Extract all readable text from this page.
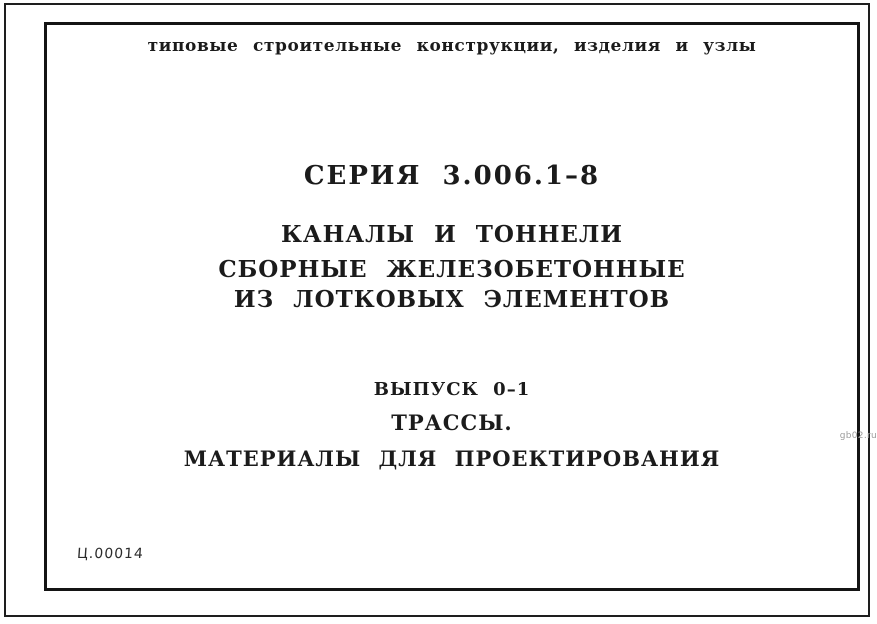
типовые строительные конструкции, изделия и узлы
СЕРИЯ 3.006.1–8
КАНАЛЫ И ТОННЕЛИ
СБОРНЫЕ ЖЕЛЕЗОБЕТОННЫЕ
ИЗ ЛОТКОВЫХ ЭЛЕМЕНТОВ
ВЫПУСК 0–1
ТРАССЫ.
МАТЕРИАЛЫ ДЛЯ ПРОЕКТИРОВАНИЯ
Ц.00014
gb02.ru
